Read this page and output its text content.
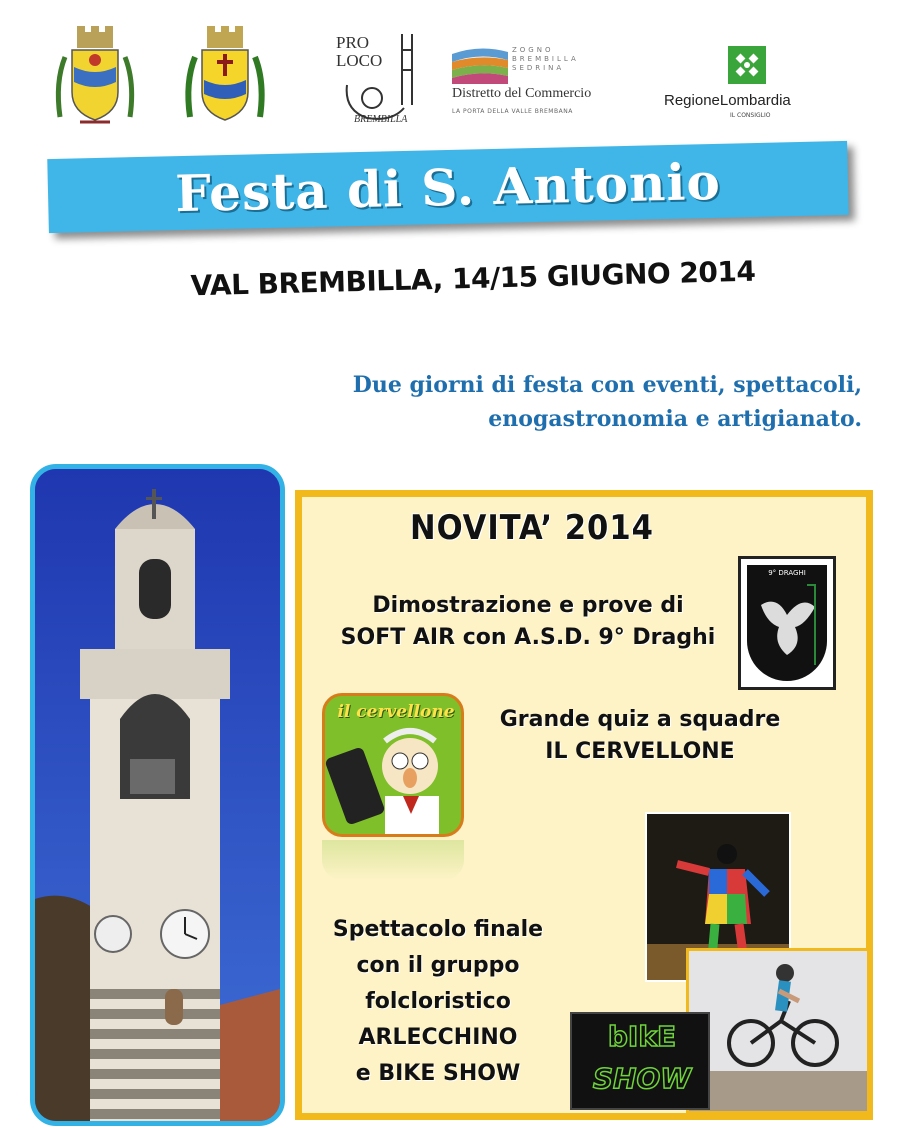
PRO
LOCO
BREMBILLA
ZOGNO
BREMBILLA
SEDRINA
Distretto del Commercio
LA PORTA DELLA VALLE BREMBANA
RegioneLombardia
IL CONSIGLIO
Festa di S. Antonio
VAL BREMBILLA, 14/15 GIUGNO 2014
Due giorni di festa con eventi, spettacoli,
enogastronomia e artigianato.
NOVITA’ 2014
Dimostrazione e prove di
SOFT AIR con A.S.D. 9° Draghi
9° DRAGHI
il cervellone	Grande quiz a squadre
IL CERVELLONE
bIkE
SHOW
Spettacolo finale
con il gruppo
folcloristico
ARLECCHINO
e BIKE SHOW
